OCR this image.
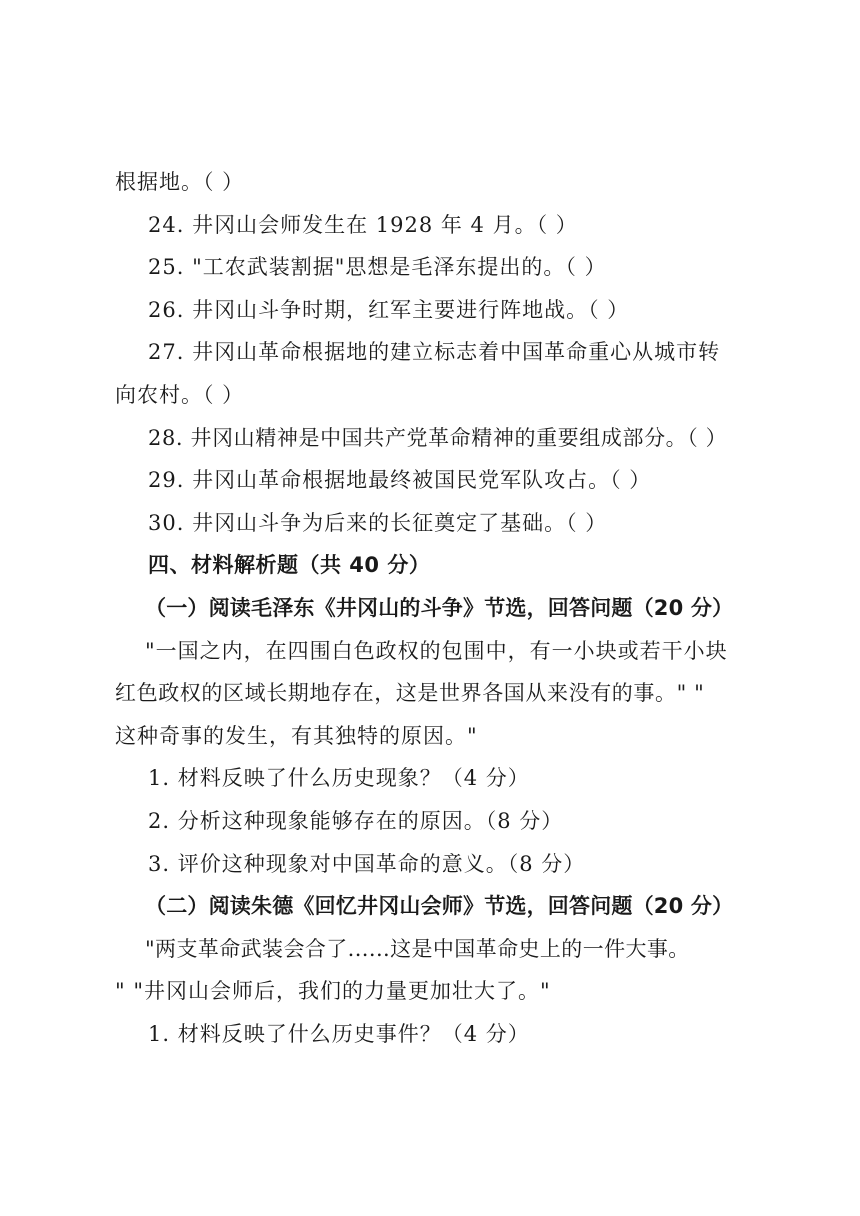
根据地。（ ）
24. 井冈山会师发生在 1928 年 4 月。（ ）
25. "工农武装割据"思想是毛泽东提出的。（ ）
26. 井冈山斗争时期，红军主要进行阵地战。（ ）
27. 井冈山革命根据地的建立标志着中国革命重心从城市转
向农村。（ ）
28. 井冈山精神是中国共产党革命精神的重要组成部分。（ ）
29. 井冈山革命根据地最终被国民党军队攻占。（ ）
30. 井冈山斗争为后来的长征奠定了基础。（ ）
四、材料解析题（共 40 分）
（一）阅读毛泽东《井冈山的斗争》节选，回答问题（20 分）
"一国之内，在四围白色政权的包围中，有一小块或若干小块
红色政权的区域长期地存在，这是世界各国从来没有的事。" "
这种奇事的发生，有其独特的原因。"
1. 材料反映了什么历史现象？（4 分）
2. 分析这种现象能够存在的原因。（8 分）
3. 评价这种现象对中国革命的意义。（8 分）
（二）阅读朱德《回忆井冈山会师》节选，回答问题（20 分）
"两支革命武装会合了......这是中国革命史上的一件大事。
" "井冈山会师后，我们的力量更加壮大了。"
1. 材料反映了什么历史事件？（4 分）
